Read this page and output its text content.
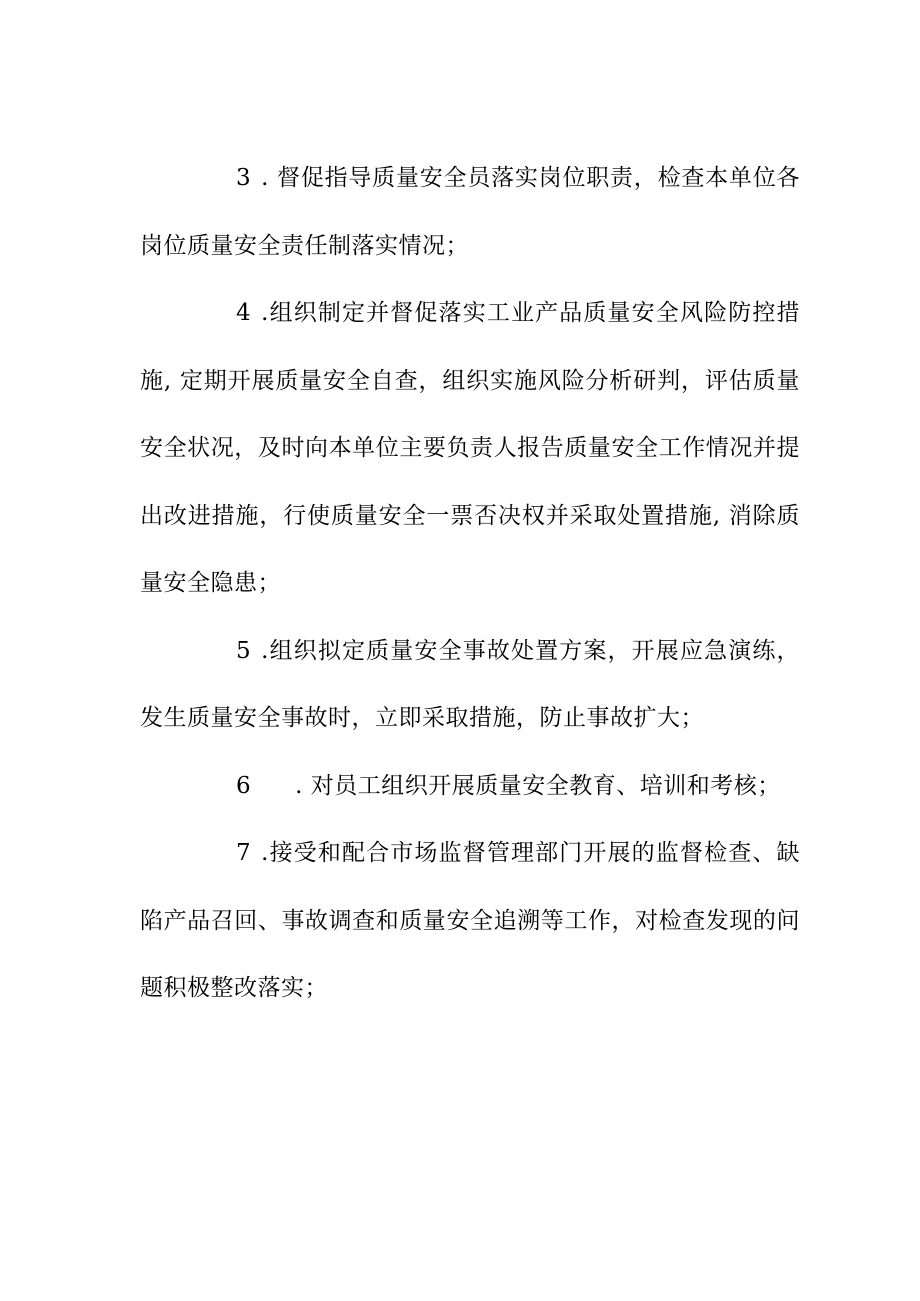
3 . 督促指导质量安全员落实岗位职责，检查本单位各岗位质量安全责任制落实情况；

4 .组织制定并督促落实工业产品质量安全风险防控措施, 定期开展质量安全自查，组织实施风险分析研判，评估质量安全状况，及时向本单位主要负责人报告质量安全工作情况并提出改进措施，行使质量安全一票否决权并采取处置措施, 消除质量安全隐患；

5 .组织拟定质量安全事故处置方案，开展应急演练，发生质量安全事故时，立即采取措施，防止事故扩大；

6 . 对员工组织开展质量安全教育、培训和考核；

7 .接受和配合市场监督管理部门开展的监督检查、缺陷产品召回、事故调查和质量安全追溯等工作，对检查发现的问题积极整改落实；
